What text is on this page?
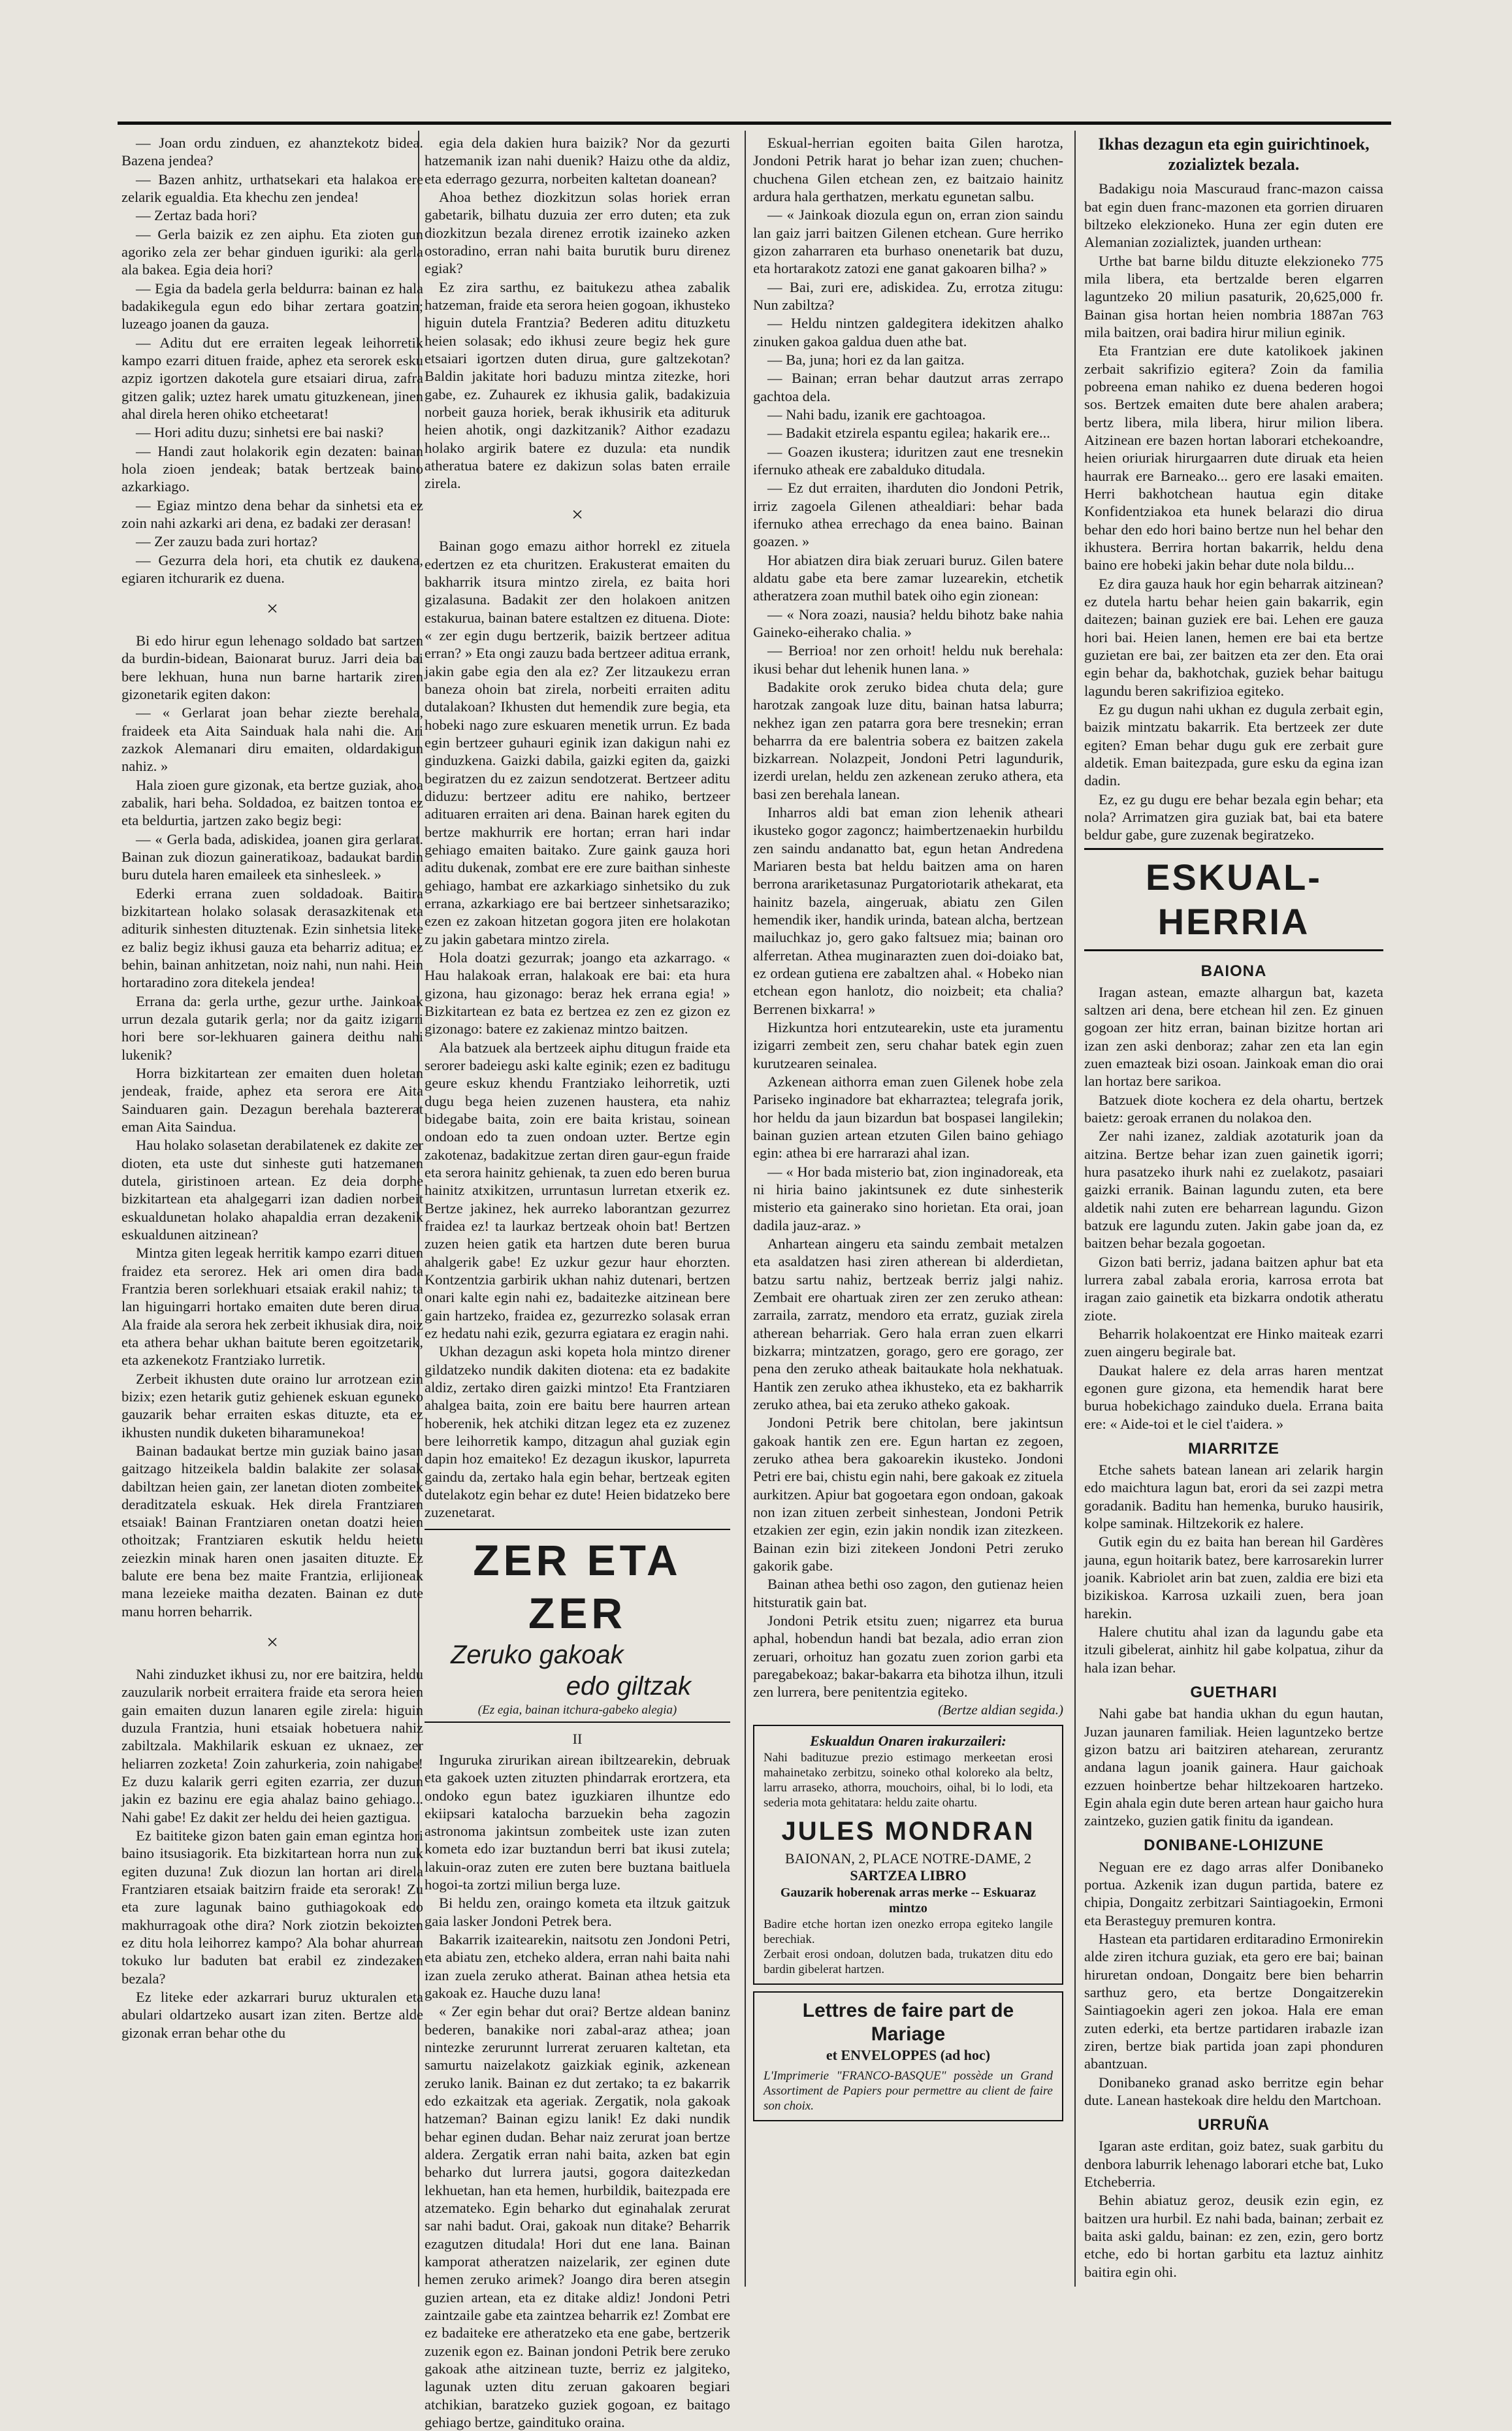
— Joan ordu zinduen, ez ahanztekotz bidea. Bazena jendea?

— Bazen anhitz, urthatsekari eta halakoa ere zelarik egualdia. Eta khechu zen jendea!

— Zertaz bada hori?

— Gerla baizik ez zen aiphu. Eta zioten gun agoriko zela zer behar ginduen iguriki: ala gerla ala bakea. Egia deia hori?

— Egia da badela gerla beldurra: bainan ez hala badakikegula egun edo bihar zertara goatzin; luzeago joanen da gauza.

— Aditu dut ere erraiten legeak leihorretik kampo ezarri dituen fraide, aphez eta serorek esku azpiz igortzen dakotela gure etsaiari dirua, zafra gitzen galik; uztez harek umatu gituzkenean, jinen ahal direla heren ohiko etcheetarat!

— Hori aditu duzu; sinhetsi ere bai naski?

— Handi zaut holakorik egin dezaten: bainan hola zioen jendeak; batak bertzeak baino azkarkiago.

— Egiaz mintzo dena behar da sinhetsi eta ez zoin nahi azkarki ari dena, ez badaki zer derasan!

— Zer zauzu bada zuri hortaz?

— Gezurra dela hori, eta chutik ez daukena, egiaren itchurarik ez duena.

×

Bi edo hirur egun lehenago soldado bat sartzen da burdin-bidean, Baionarat buruz. Jarri deia bai bere lekhuan, huna nun barne hartarik ziren gizonetarik egiten dakon:

— « Gerlarat joan behar ziezte berehala, fraideek eta Aita Sainduak hala nahi die. Ari zazkok Alemanari diru emaiten, oldardakigun nahiz. »

Hala zioen gure gizonak, eta bertze guziak, ahoa zabalik, hari beha. Soldadoa, ez baitzen tontoa ez eta beldurtia, jartzen zako begiz begi:

— « Gerla bada, adiskidea, joanen gira gerlarat. Bainan zuk diozun gaineratikoaz, badaukat bardin buru dutela haren emaileek eta sinhesleek. »

Ederki erranа zuen soldadoak. Baitira bizkitartean holako solasak derasazkitenak eta aditurik sinhesten dituztenak. Ezin sinhetsia liteke ez baliz begiz ikhusi gauza eta beharriz aditua; ez behin, bainan anhitzetan, noiz nahi, nun nahi. Hein hortaradino zora ditekela jendea!

Errana da: gerla urthe, gezur urthe. Jainkoak urrun dezala gutarik gerla; nor da gaitz izigarri hori bere sor-lekhuaren gainera deithu nahi lukenik?

Horra bizkitartean zer emaiten duen holetan jendeak, fraide, aphez eta serora ere Aita Sainduaren gain. Dezagun berehala baztererat eman Aita Saindua.

Hau holako solasetan derabilatenek ez dakite zer dioten, eta uste dut sinheste guti hatzemanen dutela, giristinoen artean. Ez deia dorphe bizkitartean eta ahalgegarri izan dadien norbeit eskualdunetan holako ahapaldia erran dezakenik eskualdunen aitzinean?

Mintza giten legeak herritik kampo ezarri dituen fraidez eta serorez. Hek ari omen dira bada Frantzia beren sorlekhuari etsaiak erakil nahiz; ta lan higuingarri hortako emaiten dute beren dirua. Ala fraide ala serora hek zerbeit ikhusiak dira, noiz eta athera behar ukhan baitute beren egoitzetarik, eta azkenekotz Frantziako lurretik.

Zerbeit ikhusten dute oraino lur arrotzean ezin bizix; ezen hetarik gutiz gehienek eskuan eguneko gauzarik behar erraiten eskas dituzte, eta ez ikhusten nundik duketen biharamunekoa!

Bainan badaukat bertze min guziak baino jasan gaitzago hitzeikela baldin balakite zer solasak dabiltzan heien gain, zer lanetan dioten zombeitek deraditzatela eskuak. Hek direla Frantziaren etsaiak! Bainan Frantziaren onetan doatzi heien othoitzak; Frantziaren eskutik heldu heietu zeiezkin minak haren onen jasaiten dituzte. Ez balute ere bena bez maite Frantzia, erlijioneak mana lezeieke maitha dezaten. Bainan ez dute manu horren beharrik.

×

Nahi zinduzket ikhusi zu, nor ere baitzira, heldu zauzularik norbeit erraitera fraide eta serora heien gain emaiten duzun lanaren egile zirela: higuin duzula Frantzia, huni etsaiak hobetuera nahiz zabiltzala. Makhilarik eskuan ez uknaez, zer heliarren zozketa! Zoin zahurkeria, zoin nahigabe! Ez duzu kalarik gerri egiten ezarria, zer duzun jakin ez bazinu ere egia ahalaz baino gehiago... Nahi gabe! Ez dakit zer heldu dei heien gaztigua.

Ez baititeke gizon baten gain eman egintza hori baino itsusiagorik. Eta bizkitartean horra nun zuk egiten duzuna! Zuk diozun lan hortan ari direla Frantziaren etsaiak baitzirn fraide eta serorak! Zu eta zure lagunak baino guthiagokoak edo makhurragoak othe dira? Nork ziotzin bekoizten ez ditu hola leihorrez kampo? Ala bohar ahurrean tokuko lur baduten bat erabil ez zindezaken bezala?

Ez liteke eder azkarrari buruz ukturalen eta abulari oldartzeko ausart izan ziten. Bertze alde gizonak erran behar othe du

egia dela dakien hura baizik? Nor da gezurti hatzemanik izan nahi duenik? Haizu othe da aldiz, eta ederrago gezurra, norbeiten kaltetan doanean?

Ahoa bethez diozkitzun solas horiek erran gabetarik, bilhatu duzuia zer erro duten; eta zuk diozkitzun bezala direnez errotik izaineko azken ostoradino, erran nahi baita burutik buru direnez egiak?

Ez zira sarthu, ez baitukezu athea zabalik hatzeman, fraide eta serora heien gogoan, ikhusteko higuin dutela Frantzia? Bederen aditu dituzketu heien solasak; edo ikhusi zeure begiz hek gure etsaiari igortzen duten dirua, gure galtzekotan? Baldin jakitate hori baduzu mintza zitezke, hori gabe, ez. Zuhaurek ez ikhusia galik, badakizuia norbeit gauza horiek, berak ikhusirik eta adituruk heien ahotik, ongi dazkitzanik? Aithor ezadazu holako argirik batere ez duzula: eta nundik atheratua batere ez dakizun solas baten erraile zirela.

×

Bainan gogo emazu aithor horrekl ez zituela edertzen ez eta churitzen. Erakusterat emaiten du bakharrik itsura mintzo zirela, ez baita hori gizalasuna. Badakit zer den holakoen anitzen estakurua, bainan batere estaltzen ez dituena. Diote: « zer egin dugu bertzerik, baizik bertzeer adituа erran? » Eta ongi zauzu bada bertzeer adituа errank, jakin gabe egia den ala ez? Zer litzaukezu erran baneza ohoin bat zirela, norbeiti erraiten aditu dutalakoan? Ikhusten dut hemendik zure begia, eta hobeki nago zure eskuaren menetik urrun. Ez bada egin bertzeer guhauri eginik izan dakigun nahi ez ginduzkena. Gaizki dabila, gaizki egiten da, gaizki begiratzen du ez zaizun sendotzerat. Bertzeer aditu diduzu: bertzeer aditu ere nahiko, bertzeer adituaren erraiten ari dena. Bainan harek egiten du bertze makhurrik ere hortan; erran hari indar gehiago emaiten baitako. Zure gaink gauza hori aditu dukenak, zombat ere ere zure baithan sinheste gehiago, hambat ere azkarkiago sinhetsiko du zuk erranа, azkarkiago ere bai bertzeer sinhetsaraziko; ezen ez zakoan hitzetan gogora jiten ere holakotan zu jakin gabetara mintzo zirela.

Hola doatzi gezurrak; joango eta azkarrago. « Hau halakoak erran, halakoak ere bai: eta hura gizona, hau gizonago: beraz hek errana egia! » Bizkitartean ez bata ez bertzea ez zen ez gizon ez gizonago: batere ez zakienaz mintzo baitzen.

Ala batzuek ala bertzeek aiphu ditugun fraide eta serorer badeiegu aski kalte eginik; ezen ez baditugu geure eskuz khendu Frantziako leihorretik, uzti dugu bega heien zuzenen haustera, eta nahiz bidegabe baita, zoin ere baita kristau, soinean ondoan edo ta zuen ondoan uzter. Bertze egin zakotenaz, badakitzue zertan diren gaur-egun fraide eta serora hainitz gehienak, ta zuen edo beren burua hainitz atxikitzen, urruntasun lurretan etxerik ez. Bertze jakinez, hek aurreko laborantzan gezurrez fraidea ez! ta laurkaz bertzeak ohoin bat! Bertzen zuzen heien gatik eta hartzen dute beren burua ahalgerik gabe! Ez uzkur gezur haur ehorzten. Kontzentzia garbirik ukhan nahiz dutenari, bertzen onari kalte egin nahi ez, badaitezke aitzinean bere gain hartzeko, fraidea ez, gezurrezko solasak erran ez hedatu nahi ezik, gezurra egiatara ez eragin nahi.

Ukhan dezagun aski kopeta hola mintzo direner gildatzeko nundik dakiten diotena: eta ez badakite aldiz, zertako diren gaizki mintzo! Eta Frantziaren ahalgea baita, zoin ere baitu bere haurren artean hoberenik, hek atchiki ditzan legez eta ez zuzenez bere leihorretik kampo, ditzagun ahal guziak egin dapin hoz emaiteko! Ez dezagun ikuskor, lapurreta gaindu da, zertako hala egin behar, bertzeak egiten dutelakotz egin behar ez dute! Heien bidatzeko bere zuzenetarat.

ZER ETA ZER
Zeruko gakoak
edo giltzak
(Ez egia, bainan itchura-gabeko alegia)
II

Inguruka zirurikan airean ibiltzearekin, debruak eta gakoek uzten zituzten phindarrak erortzera, eta ondoko egun batez iguzkiaren ilhuntze edo ekiipsari katalocha barzuekin beha zagozin astronoma jakintsun zombeitek uste izan zuten kometa edo izar buztandun berri bat ikusi zutela; lakuin-oraz zuten ere zuten bere buztana baitluela hogoi-ta zortzi miliun berga luze.

Bi heldu zen, oraingo kometa eta iltzuk gaitzuk gaia lasker Jondoni Petrek bera.

Bakarrik izaitearekin, naitsotu zen Jondoni Petri, eta abiatu zen, etcheko aldera, erran nahi baita nahi izan zuela zeruko atherat. Bainan athea hetsia eta gakoak ez. Hauche duzu lana!

« Zer egin behar dut orai? Bertze aldean baninz bederen, banakike nori zabal-araz athea; joan nintezke zerurunnt lurrerat zeruaren kaltetan, eta samurtu naizelakotz gaizkiak eginik, azkenean zeruko lanik. Bainan ez dut zertako; ta ez bakarrik edo ezkaitzak eta ageriak. Zergatik, nola gakoak hatzeman? Bainan egizu lanik! Ez daki nundik behar eginen dudan. Behar naiz zerurat joan bertze aldera. Zergatik erran nahi baita, azken bat egin beharko dut lurrera jautsi, gogora daitezkedan lekhuetan, han eta hemen, hurbildik, baitezpada ere atzemateko. Egin beharko dut eginahalak zerurat sar nahi badut. Orai, gakoak nun ditake? Beharrik ezagutzen ditudala! Hori dut ene lana. Bainan kamporat atheratzen naizelarik, zer eginen dute hemen zeruko arimek? Joango dira beren atsegin guzien artean, eta ez ditake aldiz! Jondoni Petri zaintzaile gabe eta zaintzea beharrik ez! Zombat ere ez badaiteke ere atheratzeko eta ene gabe, bertzerik zuzenik egon ez. Bainan jondoni Petrik bere zeruko gakoak athe aitzinean tuzte, berriz ez jalgiteko, lagunak uzten ditu zeruan gakoaren begiari atchikian, baratzeko guziek gogoan, ez baitago gehiago bertze, gaindituko oraina.

Eskual-herrian egoiten baita Gilen harotza, Jondoni Petrik harat jo behar izan zuen; chuchen-chuchena Gilen etchean zen, ez baitzaio hainitz ardura hala gerthatzen, merkatu egunetan salbu.

— « Jainkoak diozula egun on, erran zion saindu lan gaiz jarri baitzen Gilenen etchean. Gure herriko gizon zaharraren eta burhaso onenetarik bat duzu, eta hortarakotz zatozi ene ganat gakoaren bilha? »

— Bai, zuri ere, adiskidea. Zu, errotza zitugu: Nun zabiltza?

— Heldu nintzen galdegitera idekitzen ahalko zinuken gakoa galdua duen athe bat.

— Ba, juna; hori ez da lan gaitza.

— Bainan; erran behar dautzut arras zerrapo gachtoa dela.

— Nahi badu, izanik ere gachtoagoa.

— Badakit etzirela espantu egilea; hakarik ere...

— Goazen ikustera; iduritzen zaut ene tresnekin ifernuko atheak ere zabalduko ditudala.

— Ez dut erraiten, iharduten dio Jondoni Petrik, irriz zagoela Gilenen athealdiari: behar bada ifernuko athea errechago da enea baino. Bainan goazen. »

Hor abiatzen dira biak zeruari buruz. Gilen batere aldatu gabe eta bere zamar luzearekin, etchetik atheratzera zoan muthil batek oiho egin zionean:

— « Nora zoazi, nausia? heldu bihotz bake nahia Gaineko-eiherako chalia. »

— Berrioa! nor zen orhoit! heldu nuk berehala: ikusi behar dut lehenik hunen lana. »

Badakite orok zeruko bidea chuta dela; gure harotzak zangoak luze ditu, bainan hatsa laburra; nekhez igan zen patarra gora bere tresnekin; erran beharrra da ere balentria sobera ez baitzen zakela bizkarrean. Nolazpeit, Jondoni Petri lagundurik, izerdi urelan, heldu zen azkenean zeruko athera, eta basi zen berehala lanean.

Inharros aldi bat eman zion lehenik atheari ikusteko gogor zagoncz; haimbertzenaekin hurbildu zen saindu andanatto bat, egun hetan Andredena Mariaren besta bat heldu baitzen ama on haren berrona arariketasunaz Purgatoriotarik athekarat, eta hainitz bazela, aingeruak, abiatu zen Gilen hemendik iker, handik urinda, batean alcha, bertzean mailuchkaz jo, gero gako faltsuez mia; bainan oro alferretan. Athea muginarazten zuen doi-doiako bat, ez ordean gutiena ere zabaltzen ahal. « Hobeko nian etchean egon hanlotz, dio noizbeit; eta chalia? Berrenen bixkarra! »

Hizkuntza hori entzutearekin, uste eta juramentu izigarri zembeit zen, seru chahar batek egin zuen kurutzearen seinalea.

Azkenean aithorra eman zuen Gilenek hobe zela Pariseko inginadore bat ekharraztea; telegrafa jorik, hor heldu da jaun bizardun bat bospasei langilekin; bainan guzien artean etzuten Gilen baino gehiago egin: athea bi ere harrarazi ahal izan.

— « Hor bada misterio bat, zion inginadoreak, eta ni hiria baino jakintsunek ez dute sinhesterik misterio eta gainerako sino horietan. Eta orai, joan dadila jauz-araz. »

Anhartean aingeru eta saindu zembait metalzen eta asaldatzen hasi ziren atherean bi alderdietan, batzu sartu nahiz, bertzeak berriz jalgi nahiz. Zembait ere ohartuak ziren zer zen zeruko athean: zarraila, zarratz, mendoro eta erratz, guziak zirela atherean beharriak. Gero hala erran zuen elkarri bizkarra; mintzatzen, gorago, gero ere gorago, zer pena den zeruko atheak baitaukate hola nekhatuak. Hantik zen zeruko athea ikhusteko, eta ez bakharrik zeruko athea, bai eta zeruko atheko gakoak.

Jondoni Petrik bere chitolan, bere jakintsun gakoak hantik zen ere. Egun hartan ez zegoen, zeruko athea bera gakoarekin ikusteko. Jondoni Petri ere bai, chistu egin nahi, bere gakoak ez zituela aurkitzen. Apiur bat gogoetara egon ondoan, gakoak non izan zituen zerbeit sinhestean, Jondoni Petrik etzakien zer egin, ezin jakin nondik izan zitezkeen. Bainan ezin bizi zitekeen Jondoni Petri zeruko gakorik gabe.

Bainan athea bethi oso zagon, den gutienaz heien hitsturatik gain bat.

Jondoni Petrik etsitu zuen; nigarrez eta buruа aphal, hobendun handi bat bezala, adio erran zion zeruari, orhoituz han gozatu zuen zorion garbi eta paregabekoaz; bakar-bakarra eta bihotza ilhun, itzuli zen lurrera, bere penitentzia egiteko.

(Bertze aldian segida.)
Eskualdun Onaren irakurzaileri:
Nahi badituzue prezio estimago merkeetan erosi mahainetako zerbitzu, soineko othal koloreko ala beltz, larru arraseko, athorra, mouchoirs, oihal, bi lo lodi, eta sederia mota gehitatara: heldu zaite ohartu.
JULES MONDRAN
BAIONAN, 2, PLACE NOTRE-DAME, 2
SARTZEA LIBRO
Gauzarik hoberenak arras merke -- Eskuaraz mintzo
Badire etche hortan izen onezko erropa egiteko langile berechiak.
Zerbait erosi ondoan, dolutzen bada, trukatzen ditu edo bardin gibelerat hartzen.
Lettres de faire part de Mariage
et ENVELOPPES (ad hoc)
L'Imprimerie "FRANCO-BASQUE" possède un Grand Assortiment de Papiers pour permettre au client de faire son choix.
Ikhas dezagun eta egin guirichtinoek, zozializtek bezala.

Badakigu noia Mascuraud franc-mazon caissa bat egin duen franc-mazonen eta gorrien diruaren biltzeko elekzioneko. Huna zer egin duten ere Alemanian zozializtek, juanden urthean:

Urthe bat barne bildu dituzte elekzioneko 775 mila libera, eta bertzalde beren elgarren laguntzeko 20 miliun pasaturik, 20,625,000 fr. Bainan gisa hortan heien nombria 1887an 763 mila baitzen, orai badira hirur miliun eginik.

Eta Frantzian ere dute katolikoek jakinen zerbait sakrifizio egitera? Zoin da familia pobreena eman nahiko ez duena bederen hogoi sos. Bertzek emaiten dute bere ahalen arabera; bertz libera, mila libera, hirur milion libera. Aitzinean ere bazen hortan laborari etchekoandre, heien oriuriak hirurgaarren dute diruak eta heien haurrak ere Barneako... gero ere lasaki emaiten. Herri bakhotchean hautua egin ditake Konfidentziakoa eta hunek belarazi dio dirua behar den edo hori baino bertze nun hel behar den ikhustera. Berrira hortan bakarrik, heldu dena baino ere hobeki jakin behar dute nola bildu...

Ez dira gauza hauk hor egin beharrak aitzinean? ez dutela hartu behar heien gain bakarrik, egin daitezen; bainan guziek ere bai. Lehen ere gauza hori bai. Heien lanen, hemen ere bai eta bertze guzietan ere bai, zer baitzen eta zer den. Eta orai egin behar da, bakhotchak, guziek behar baitugu lagundu beren sakrifizioa egiteko.

Ez gu dugun nahi ukhan ez dugula zerbait egin, baizik mintzatu bakarrik. Eta bertzeek zer dute egiten? Eman behar dugu guk ere zerbait gure aldetik. Eman baitezpada, gure esku da egina izan dadin.

Ez, ez gu dugu ere behar bezala egin behar; eta nola? Arrimatzen gira guziak bat, bai eta batere beldur gabe, gure zuzenak begiratzeko.

ESKUAL-HERRIA
BAIONA

Iragan astean, emazte alhargun bat, kazeta saltzen ari dena, bere etchean hil zen. Ez ginuen gogoan zer hitz erran, bainan bizitze hortan ari izan zen aski denboraz; zahar zen eta lan egin zuen emazteak bizi osoan. Jainkoak eman dio orai lan hortaz bere sarikoa.

Batzuek diote kochera ez dela ohartu, bertzek baietz: geroak erranen du nolakoa den.

Zer nahi izanez, zaldiak azotaturik joan da aitzina. Bertze behar izan zuen gainetik igorri; hura pasatzeko ihurk nahi ez zuelakotz, pasaiari gaizki erranik. Bainan lagundu zuten, eta bere aldetik nahi zuten ere beharrean lagundu. Gizon batzuk ere lagundu zuten. Jakin gabe joan da, ez baitzen behar bezala gogoetan.

Gizon bati berriz, jadana baitzen aphur bat eta lurrera zabal zabala eroria, karrosa errota bat iragan zaio gainetik eta bizkarra ondotik atheratu ziote.

Beharrik holakoentzat ere Hinko maiteak ezarri zuen aingeru begirale bat.

Daukat halere ez dela arras haren mentzat egonen gure gizona, eta hemendik harat bere burua hobekichago zainduko duela. Errana baita ere: « Aide-toi et le ciel t'aidera. »

MIARRITZE

Etche sahets batean lanean ari zelarik hargin edo maichtura lagun bat, erori da sei zazpi metra goradanik. Baditu han hemenka, buruko hausirik, kolpe saminak. Hiltzekorik ez halere.

Gutik egin du ez baita han berean hil Gardères jauna, egun hoitarik batez, bere karrosarekin lurrer joanik. Kabriolet arin bat zuen, zaldia ere bizi eta bizikiskoa. Karrosa uzkaili zuen, bera joan harekin.

Halere chutitu ahal izan da lagundu gabe eta itzuli gibelerat, ainhitz hil gabe kolpatua, zihur da hala izan behar.

GUETHARI

Nahi gabe bat handia ukhan du egun hautan, Juzan jaunaren familiak. Heien laguntzeko bertze gizon batzu ari baitziren ateharean, zerurantz andana lagun joanik gainera. Haur gaichoak ezzuen hoinbertze behar hiltzekoaren hartzeko. Egin ahala egin dute beren artean haur gaicho hura zaintzeko, guzien gatik finitu da igandean.

DONIBANE-LOHIZUNE

Neguan ere ez dago arras alfer Donibaneko portua. Azkenik izan dugun partida, batere ez chipia, Dongaitz zerbitzari Saintiagoekin, Ermoni eta Berasteguy premuren kontra.

Hastean eta partidaren erditaradino Ermonirekin alde ziren itchura guziak, eta gero ere bai; bainan hiruretan ondoan, Dongaitz bere bien beharrin sarthuz gero, eta bertze Dongaitzerekin Saintiagoekin ageri zen jokoa. Hala ere eman zuten ederki, eta bertze partidaren irabazle izan ziren, bertze biak partida joan zapi phonduren abantzuan.

Donibaneko granad asko berritze egin behar dute. Lanean hastekoak dire heldu den Martchoan.

URRUÑA

Igaran aste erditan, goiz batez, suak garbitu du denbora laburrik lehenago laborari etche bat, Luko Etcheberria.

Behin abiatuz geroz, deusik ezin egin, ez baitzen ura hurbil. Ez nahi bada, bainan; zerbait ez baita aski galdu, bainan: ez zen, ezin, gero bortz etche, edo bi hortan garbitu eta laztuz ainhitz baitira egin ohi.
